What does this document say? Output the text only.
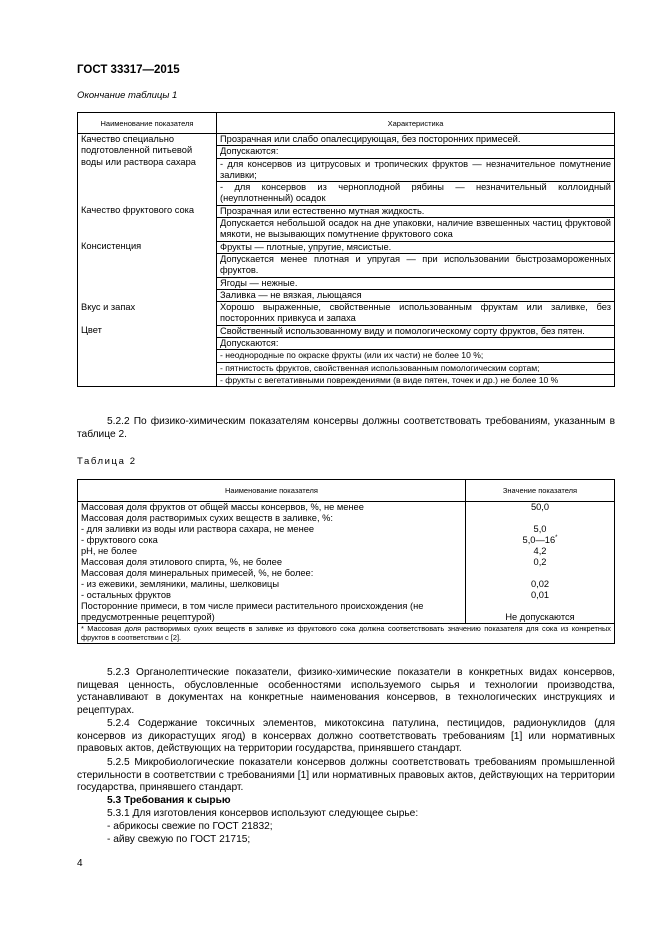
ГОСТ 33317—2015
Окончание таблицы 1
Наименование показателя	Характеристика
Качество специально подготовленной питьевой воды или раствора сахара	Прозрачная или слабо опалесцирующая, без посторонних примесей.
Допускаются:
- для консервов из цитрусовых и тропических фруктов — незначительное помутнение заливки;
- для консервов из черноплодной рябины — незначительный коллоидный (неуплотненный) осадок

Качество фруктового сока	Прозрачная или естественно мутная жидкость.
Допускается небольшой осадок на дне упаковки, наличие взвешенных частиц фруктовой мякоти, не вызывающих помутнение фруктового сока

Консистенция	Фрукты — плотные, упругие, мясистые.
Допускается менее плотная и упругая — при использовании быстрозамороженных фруктов.
Ягоды — нежные.
Заливка — не вязкая, льющаяся

Вкус и запах	Хорошо выраженные, свойственные использованным фруктам или заливке, без посторонних привкуса и запаха

Цвет	Свойственный использованному виду и помологическому сорту фруктов, без пятен.
Допускаются:
- неоднородные по окраске фрукты (или их части) не более 10 %;
- пятнистость фруктов, свойственная использованным помологическим сортам;
- фрукты с вегетативными повреждениями (в виде пятен, точек и др.) не более 10 %
5.2.2 По физико-химическим показателям консервы должны соответствовать требованиям, указанным в таблице 2.
Таблица 2
Наименование показателя	Значение показателя
Массовая доля фруктов от общей массы консервов, %, не менее	50,0
Массовая доля растворимых сухих веществ в заливке, %:	
- для заливки из воды или раствора сахара, не менее	5,0
- фруктового сока	5,0—16*
pH, не более	4,2
Массовая доля этилового спирта, %, не более	0,2
Массовая доля минеральных примесей, %, не более:	
- из ежевики, земляники, малины, шелковицы	0,02
- остальных фруктов	0,01
Посторонние примеси, в том числе примеси растительного происхождения (не предусмотренные рецептурой)	Не допускаются
* Массовая доля растворимых сухих веществ в заливке из фруктового сока должна соответствовать значению показателя для сока из конкретных фруктов в соответствии с [2].	
5.2.3 Органолептические показатели, физико-химические показатели в конкретных видах консервов, пищевая ценность, обусловленные особенностями используемого сырья и технологии производства, устанавливают в документах на конкретные наименования консервов, в технологических инструкциях и рецептурах.
5.2.4 Содержание токсичных элементов, микотоксина патулина, пестицидов, радионуклидов (для консервов из дикорастущих ягод) в консервах должно соответствовать требованиям [1] или нормативных правовых актов, действующих на территории государства, принявшего стандарт.
5.2.5 Микробиологические показатели консервов должны соответствовать требованиям промышленной стерильности в соответствии с требованиями [1] или нормативных правовых актов, действующих на территории государства, принявшего стандарт.
5.3 Требования к сырью
5.3.1 Для изготовления консервов используют следующее сырье:
- абрикосы свежие по ГОСТ 21832;
- айву свежую по ГОСТ 21715;
4
